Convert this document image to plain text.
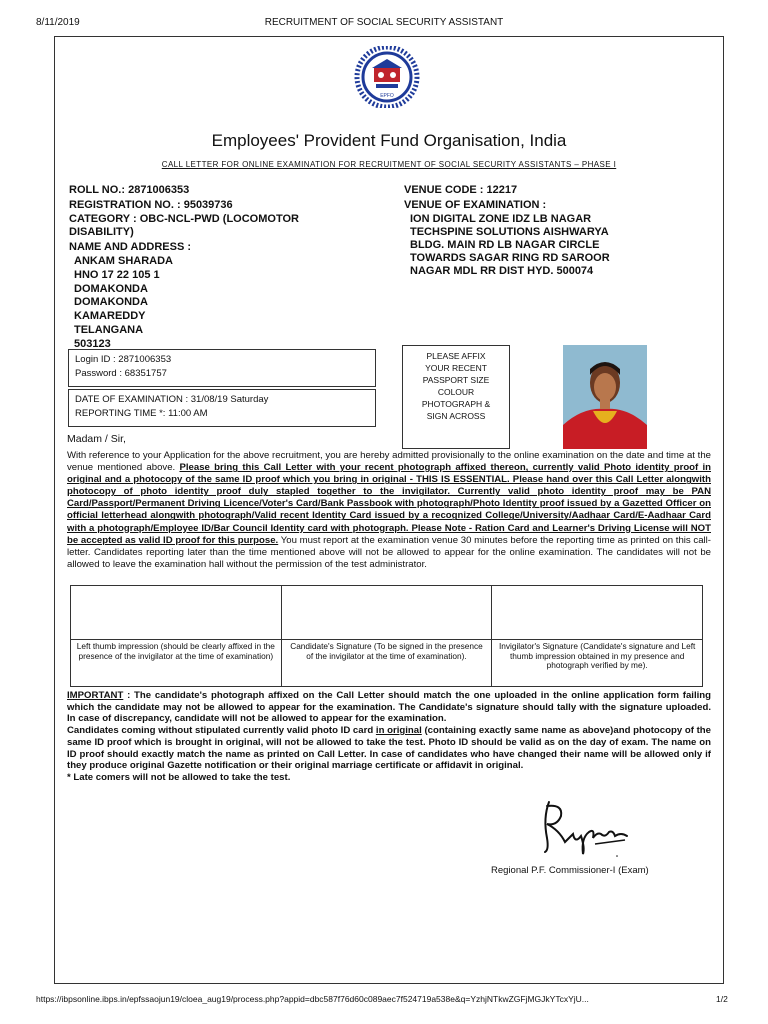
8/11/2019	RECRUITMENT OF SOCIAL SECURITY ASSISTANT
EPFO
Employees' Provident Fund Organisation, India
CALL LETTER FOR ONLINE EXAMINATION FOR RECRUITMENT OF SOCIAL SECURITY ASSISTANTS – PHASE I
ROLL NO.: 2871006353
REGISTRATION NO. : 95039736
CATEGORY : OBC-NCL-PWD (LOCOMOTOR
DISABILITY)
NAME AND ADDRESS :
ANKAM SHARADA
HNO 17 22 105 1
DOMAKONDA
DOMAKONDA
KAMAREDDY
TELANGANA
503123
VENUE CODE : 12217
VENUE OF EXAMINATION :
ION DIGITAL ZONE IDZ LB NAGAR
TECHSPINE SOLUTIONS AISHWARYA
BLDG. MAIN RD LB NAGAR CIRCLE
TOWARDS SAGAR RING RD SAROOR
NAGAR MDL RR DIST HYD. 500074
Login ID : 2871006353
Password : 68351757
DATE OF EXAMINATION : 31/08/19 Saturday
REPORTING TIME *: 11:00 AM
PLEASE AFFIX
YOUR RECENT
PASSPORT SIZE
COLOUR
PHOTOGRAPH &
SIGN ACROSS
Madam / Sir,
With reference to your Application for the above recruitment, you are hereby admitted provisionally to the online examination on the date and time at the venue mentioned above. Please bring this Call Letter with your recent photograph affixed thereon, currently valid Photo identity proof in original and a photocopy of the same ID proof which you bring in original - THIS IS ESSENTIAL. Please hand over this Call Letter alongwith photocopy of photo identity proof duly stapled together to the invigilator. Currently valid photo identity proof may be PAN Card/Passport/Permanent Driving Licence/Voter's Card/Bank Passbook with photograph/Photo Identity proof issued by a Gazetted Officer on official letterhead alongwith photograph/Valid recent Identity Card issued by a recognized College/University/Aadhaar Card/E-Aadhaar Card with a photograph/Employee ID/Bar Council Identity card with photograph. Please Note - Ration Card and Learner's Driving License will NOT be accepted as valid ID proof for this purpose. You must report at the examination venue 30 minutes before the reporting time as printed on this call-letter. Candidates reporting later than the time mentioned above will not be allowed to appear for the online examination. The candidates will not be allowed to leave the examination hall without the permission of the test administrator.

Left thumb impression (should be clearly affixed in the presence of the invigilator at the time of examination)	Candidate's Signature (To be signed in the presence of the invigilator at the time of examination).	Invigilator's Signature (Candidate's signature and Left thumb impression obtained in my presence and photograph verified by me).
IMPORTANT : The candidate's photograph affixed on the Call Letter should match the one uploaded in the online application form failing which the candidate may not be allowed to appear for the examination. The Candidate's signature should tally with the signature uploaded. In case of discrepancy, candidate will not be allowed to appear for the examination.
Candidates coming without stipulated currently valid photo ID card in original (containing exactly same name as above)and photocopy of the same ID proof which is brought in original, will not be allowed to take the test. Photo ID should be valid as on the day of exam. The name on ID proof should exactly match the name as printed on Call Letter. In case of candidates who have changed their name will be allowed only if they produce original Gazette notification or their original marriage certificate or affidavit in original.
* Late comers will not be allowed to take the test.
Regional P.F. Commissioner-I (Exam)
https://ibpsonline.ibps.in/epfssaojun19/cloea_aug19/process.php?appid=dbc587f76d60c089aec7f524719a538e&q=YzhjNTkwZGFjMGJkYTcxYjU...	1/2
